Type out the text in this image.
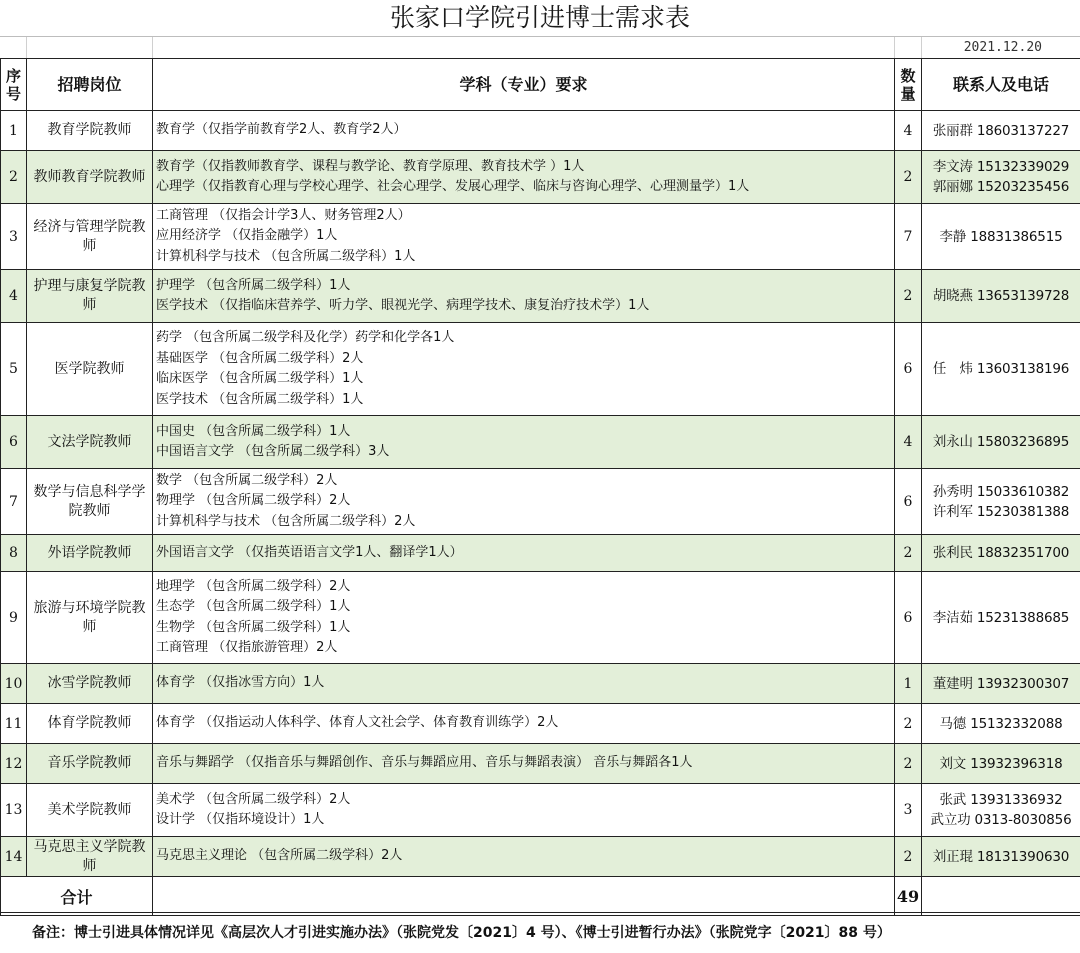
张家口学院引进博士需求表
2021.12.20
序号	招聘岗位	学科（专业）要求	数量	联系人及电话
1	教育学院教师	教育学（仅指学前教育学2人、教育学2人）	4	张丽群 18603137227

2	教师教育学院教师	教育学（仅指教师教育学、课程与教学论、教育学原理、教育技术学 ）1人
心理学（仅指教育心理与学校心理学、社会心理学、发展心理学、临床与咨询心理学、心理测量学）1人	2	李文涛 15132339029
郭丽娜 15203235456

3	经济与管理学院教师	工商管理 （仅指会计学3人、财务管理2人）
应用经济学 （仅指金融学）1人
计算机科学与技术 （包含所属二级学科）1人	7	李静 18831386515

4	护理与康复学院教师	护理学 （包含所属二级学科）1人
医学技术 （仅指临床营养学、听力学、眼视光学、病理学技术、康复治疗技术学）1人	2	胡晓燕 13653139728

5	医学院教师	药学 （包含所属二级学科及化学）药学和化学各1人
基础医学 （包含所属二级学科）2人
临床医学 （包含所属二级学科）1人
医学技术 （包含所属二级学科）1人	6	任　炜 13603138196

6	文法学院教师	中国史 （包含所属二级学科）1人
中国语言文学 （包含所属二级学科）3人	4	刘永山 15803236895

7	数学与信息科学学院教师	数学 （包含所属二级学科）2人
物理学 （包含所属二级学科）2人
计算机科学与技术 （包含所属二级学科）2人	6	孙秀明 15033610382
许利军 15230381388

8	外语学院教师	外国语言文学 （仅指英语语言文学1人、翻译学1人）	2	张利民 18832351700

9	旅游与环境学院教师	地理学 （包含所属二级学科）2人
生态学 （包含所属二级学科）1人
生物学 （包含所属二级学科）1人
工商管理 （仅指旅游管理）2人	6	李洁茹 15231388685

10	冰雪学院教师	体育学 （仅指冰雪方向）1人	1	董建明 13932300307

11	体育学院教师	体育学 （仅指运动人体科学、体育人文社会学、体育教育训练学）2人	2	马德 15132332088

12	音乐学院教师	音乐与舞蹈学 （仅指音乐与舞蹈创作、音乐与舞蹈应用、音乐与舞蹈表演） 音乐与舞蹈各1人	2	刘文 13932396318

13	美术学院教师	美术学 （包含所属二级学科）2人
设计学 （仅指环境设计）1人	3	张武 13931336932
武立功 0313-8030856

14	马克思主义学院教师	马克思主义理论 （包含所属二级学科）2人	2	刘正琨 18131390630

合计			49	
备注：博士引进具体情况详见《高层次人才引进实施办法》（张院党发〔2021〕4 号）、《博士引进暂行办法》（张院党字〔2021〕88 号）
